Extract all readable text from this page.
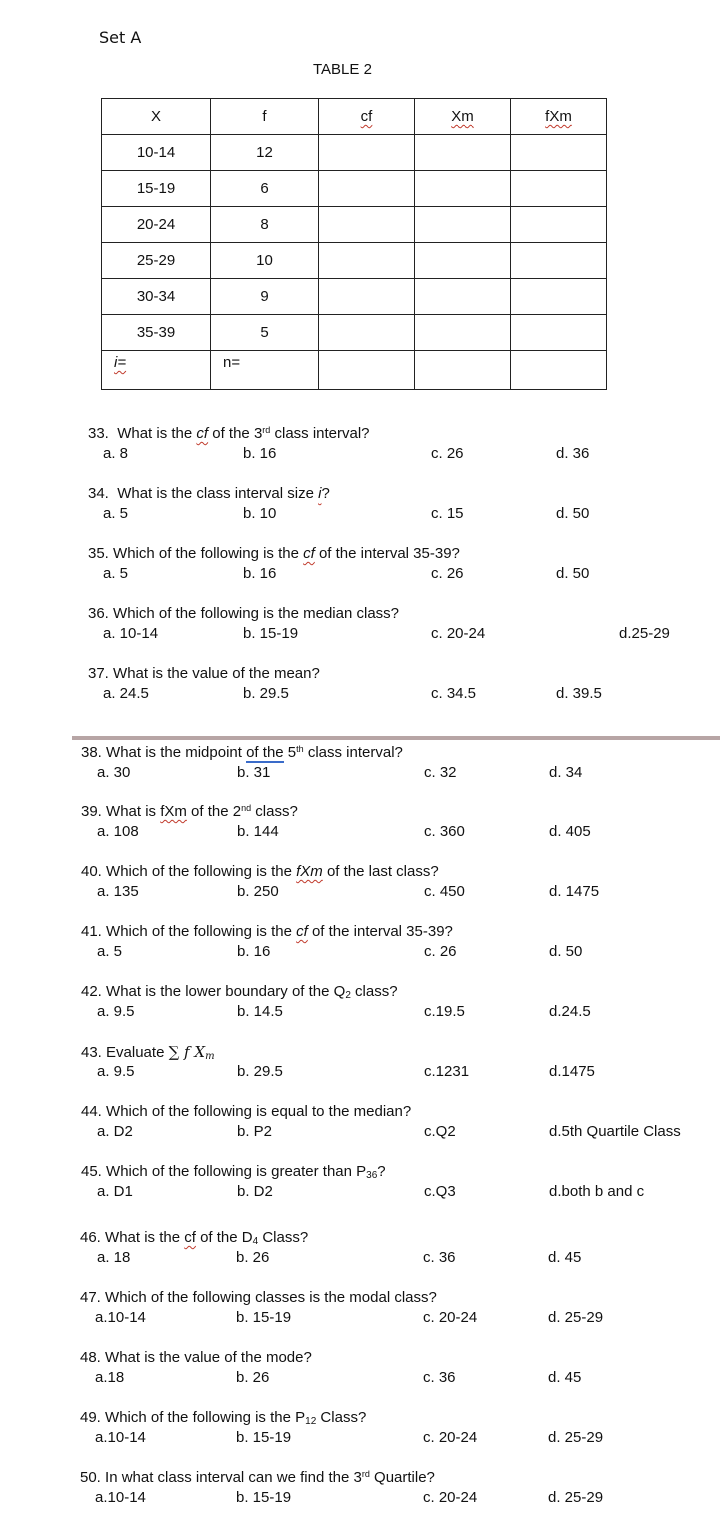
Set A
TABLE 2
X	f	cf	Xm	fXm
10-14	12			
15-19	6			
20-24	8			
25-29	10			
30-34	9			
35-39	5			
i=	n=			
33. What is the cf of the 3rd class interval?
a. 8	b. 16	c. 26	d. 36
34. What is the class interval size i?
a. 5	b. 10	c. 15	d. 50
35. Which of the following is the cf of the interval 35-39?
a. 5	b. 16	c. 26	d. 50
36. Which of the following is the median class?
a. 10-14	b. 15-19	c. 20-24	d.25-29
37. What is the value of the mean?
a. 24.5	b. 29.5	c. 34.5	d. 39.5
38. What is the midpoint of the 5th class interval?
a. 30	b. 31	c. 32	d. 34
39. What is fXm of the 2nd class?
a. 108	b. 144	c. 360	d. 405
40. Which of the following is the fXm of the last class?
a. 135	b. 250	c. 450	d. 1475
41. Which of the following is the cf of the interval 35-39?
a. 5	b. 16	c. 26	d. 50
42. What is the lower boundary of the $Q_2$ class?
a. 9.5	b. 14.5	c.19.5	d.24.5
43. Evaluate ∑ f $X_m$
a. 9.5	b. 29.5	c.1231	d.1475
44. Which of the following is equal to the median?
a. D2	b. P2	c.Q2	d.5th Quartile Class
45. Which of the following is greater than $P_{36}$?
a. D1	b. D2	c.Q3	d.both b and c
46. What is the cf of the $D_4$ Class?
a. 18	b. 26	c. 36	d. 45
47. Which of the following classes is the modal class?
a.10-14	b. 15-19	c. 20-24	d. 25-29
48. What is the value of the mode?
a.18	b. 26	c. 36	d. 45
49. Which of the following is the $P_{12}$ Class?
a.10-14	b. 15-19	c. 20-24	d. 25-29
50. In what class interval can we find the 3rd Quartile?
a.10-14	b. 15-19	c. 20-24	d. 25-29
